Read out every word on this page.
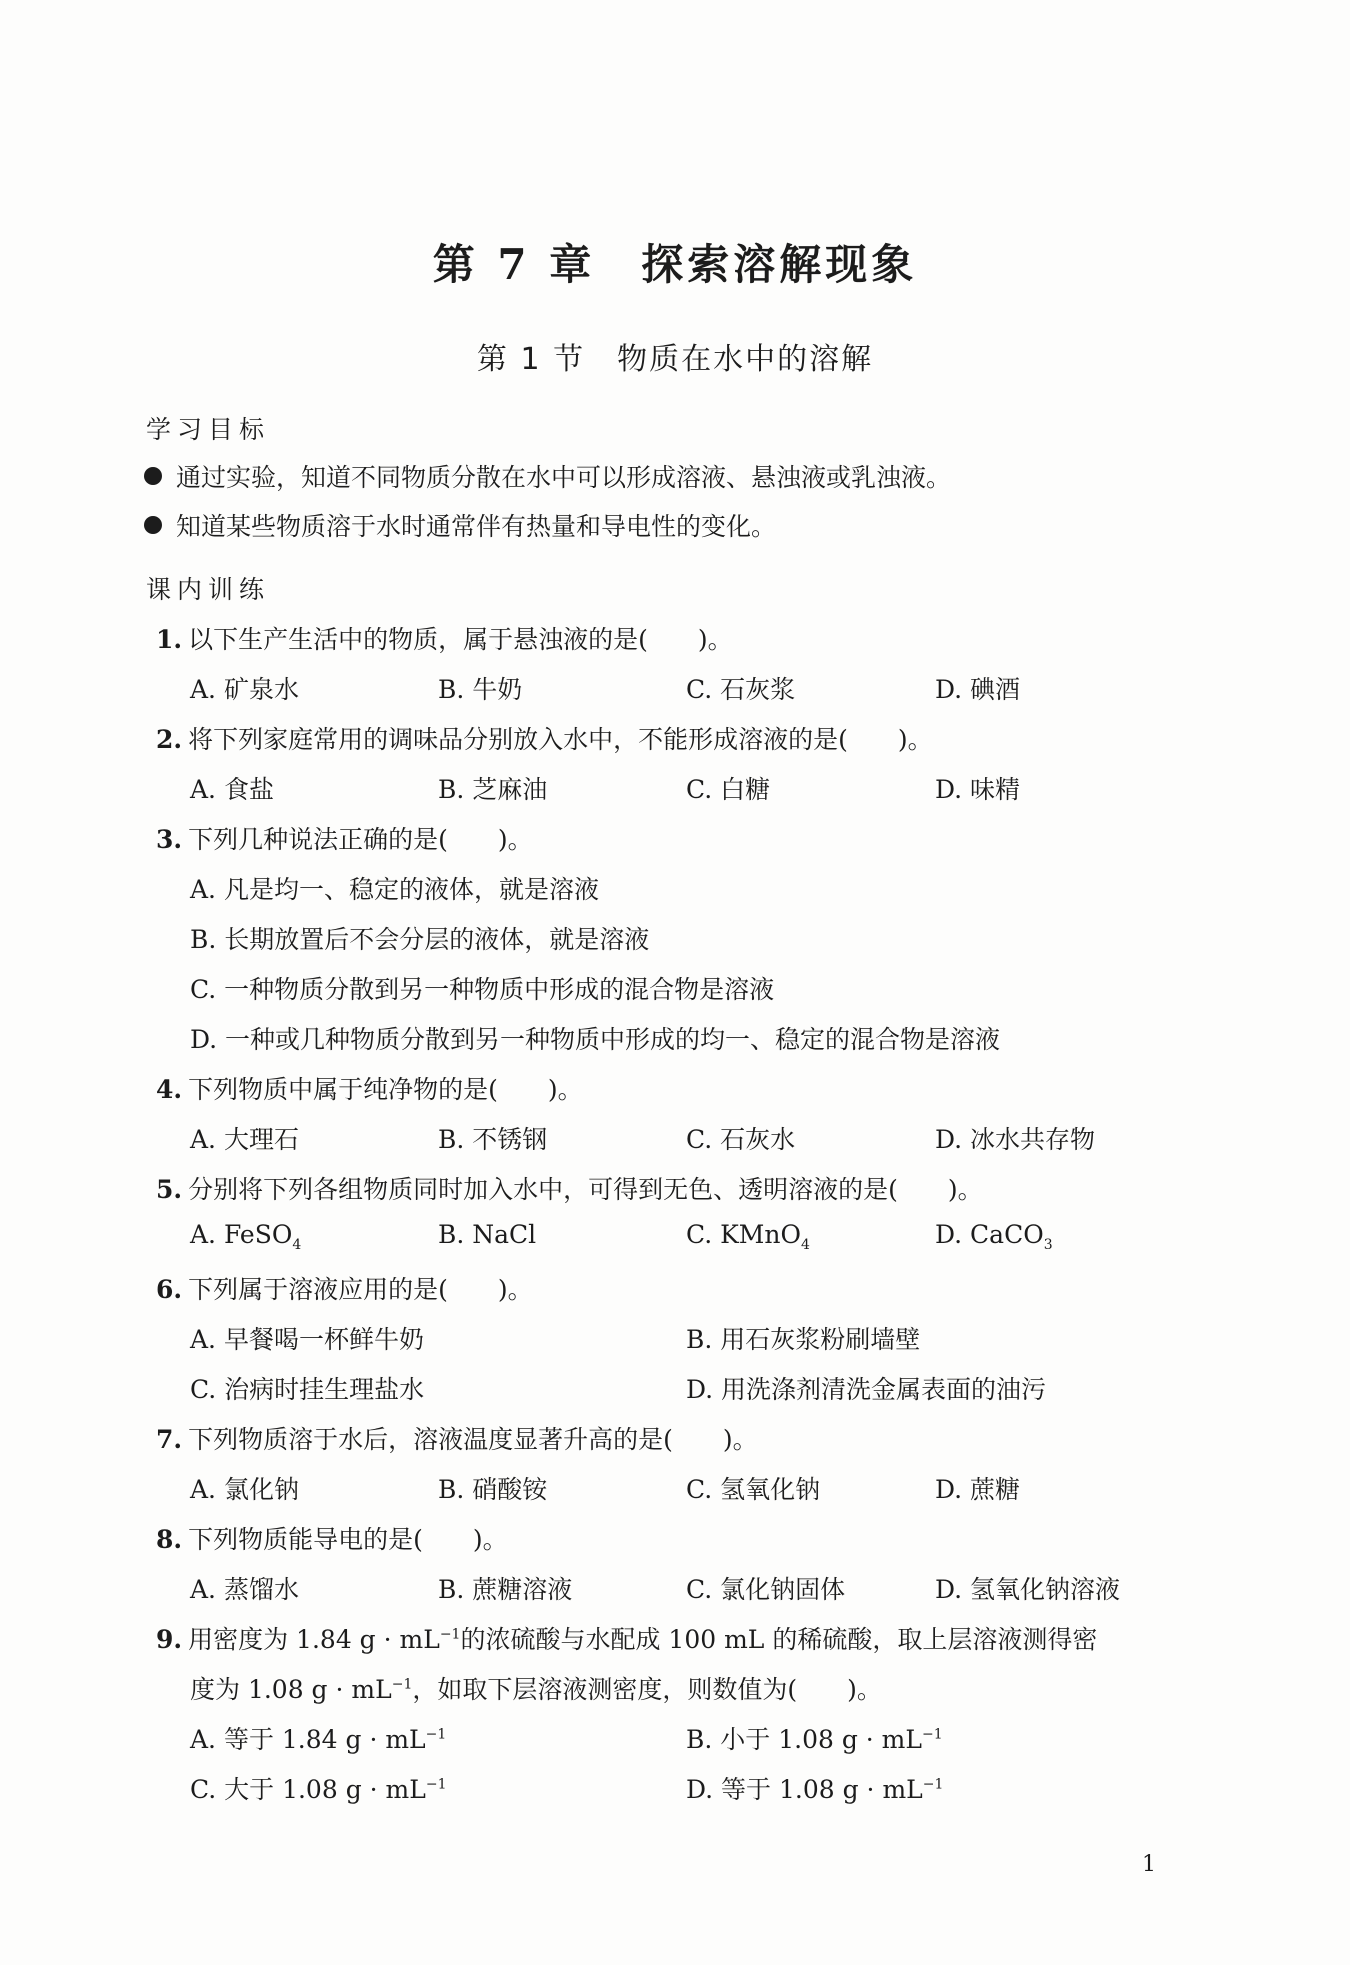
第 7 章　探索溶解现象
第 1 节　物质在水中的溶解
学习目标
通过实验，知道不同物质分散在水中可以形成溶液、悬浊液或乳浊液。
知道某些物质溶于水时通常伴有热量和导电性的变化。
课内训练
1. 以下生产生活中的物质，属于悬浊液的是(　　)。
A. 矿泉水	B. 牛奶	C. 石灰浆	D. 碘酒
2. 将下列家庭常用的调味品分别放入水中，不能形成溶液的是(　　)。
A. 食盐	B. 芝麻油	C. 白糖	D. 味精
3. 下列几种说法正确的是(　　)。
A. 凡是均一、稳定的液体，就是溶液
B. 长期放置后不会分层的液体，就是溶液
C. 一种物质分散到另一种物质中形成的混合物是溶液
D. 一种或几种物质分散到另一种物质中形成的均一、稳定的混合物是溶液
4. 下列物质中属于纯净物的是(　　)。
A. 大理石	B. 不锈钢	C. 石灰水	D. 冰水共存物
5. 分别将下列各组物质同时加入水中，可得到无色、透明溶液的是(　　)。
A. FeSO$_4$	B. NaCl	C. KMnO$_4$	D. CaCO$_3$
6. 下列属于溶液应用的是(　　)。
A. 早餐喝一杯鲜牛奶	B. 用石灰浆粉刷墙壁
C. 治病时挂生理盐水	D. 用洗涤剂清洗金属表面的油污
7. 下列物质溶于水后，溶液温度显著升高的是(　　)。
A. 氯化钠	B. 硝酸铵	C. 氢氧化钠	D. 蔗糖
8. 下列物质能导电的是(　　)。
A. 蒸馏水	B. 蔗糖溶液	C. 氯化钠固体	D. 氢氧化钠溶液
9. 用密度为 1.84 $g \cdot mL^{-1}$的浓硫酸与水配成 100 mL 的稀硫酸，取上层溶液测得密
度为 1.08 $g \cdot mL^{-1}$，如取下层溶液测密度，则数值为(　　)。
A. 等于 1.84 $g \cdot mL^{-1}$	B. 小于 1.08 $g \cdot mL^{-1}$
C. 大于 1.08 $g \cdot mL^{-1}$	D. 等于 1.08 $g \cdot mL^{-1}$
1
